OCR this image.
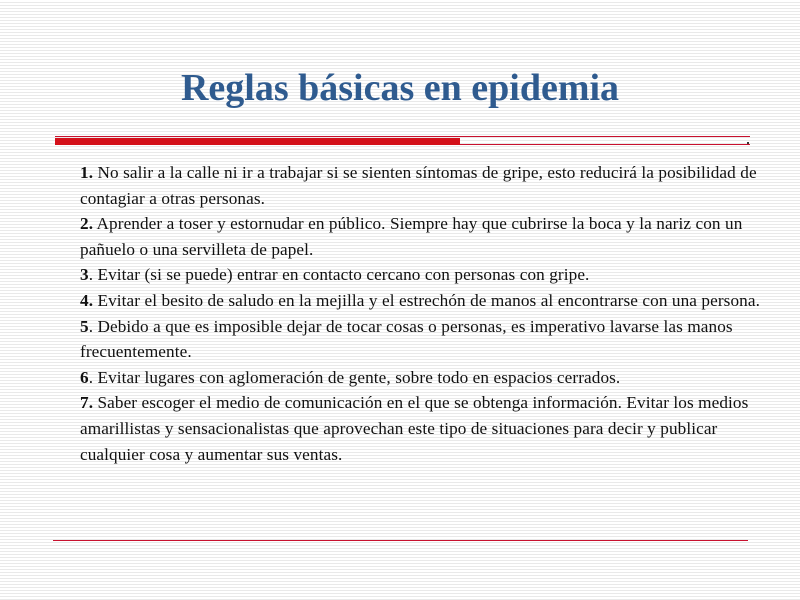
Reglas básicas en epidemia
1. No salir a la calle ni ir a trabajar si se sienten síntomas de gripe, esto reducirá la posibilidad de contagiar a otras personas.
2. Aprender a toser y estornudar en público. Siempre hay que cubrirse la boca y la nariz con un pañuelo o una servilleta de papel.
3. Evitar (si se puede) entrar en contacto cercano con personas con gripe.
4. Evitar el besito de saludo en la mejilla y el estrechón de manos al encontrarse con una persona.
5. Debido a que es imposible dejar de tocar cosas o personas, es imperativo lavarse las manos frecuentemente.
6. Evitar lugares con aglomeración de gente, sobre todo en espacios cerrados.
7. Saber escoger el medio de comunicación en el que se obtenga información. Evitar los medios amarillistas y sensacionalistas que aprovechan este tipo de situaciones para decir y publicar cualquier cosa y aumentar sus ventas.
